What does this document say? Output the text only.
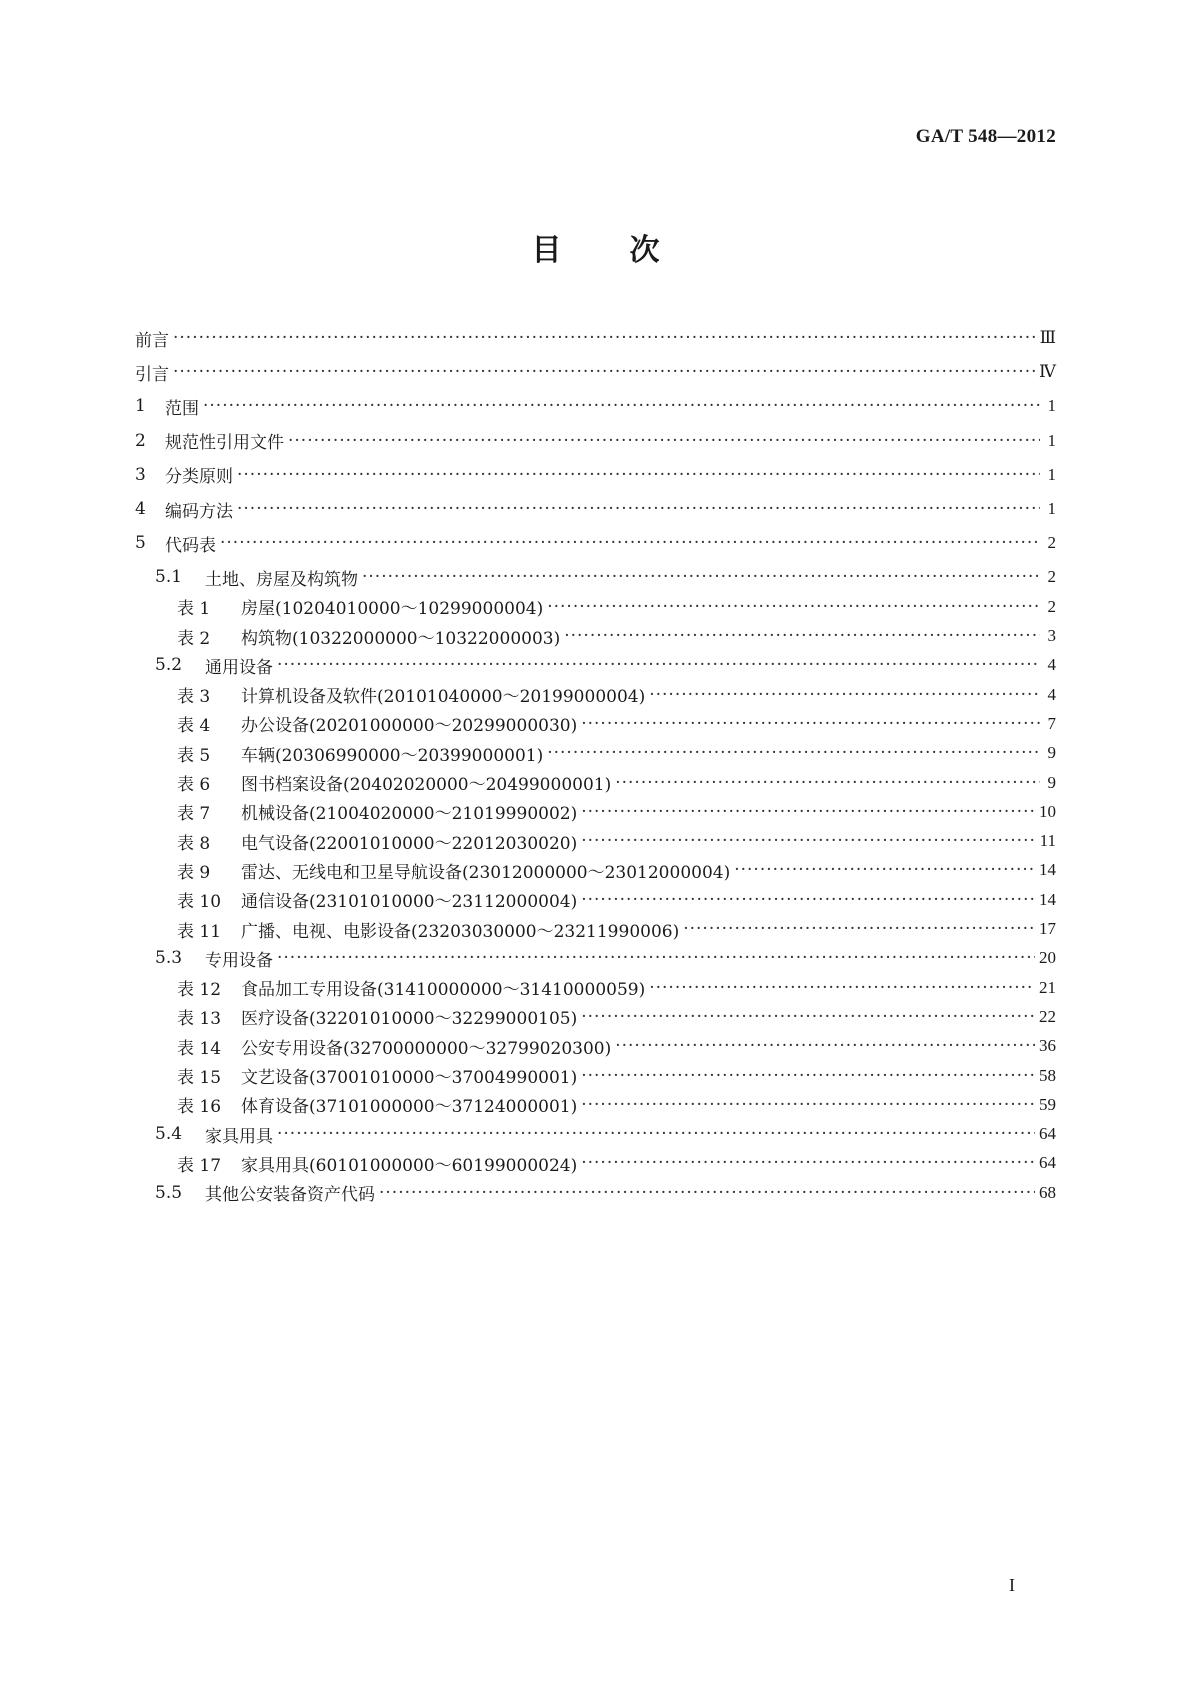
GA/T 548—2012
目次
前言 ·····	Ⅲ
引言 ·····	Ⅳ
1	范围 ·····	1
2	规范性引用文件 ·····	1
3	分类原则 ·····	1
4	编码方法 ·····	1
5	代码表 ·····	2
5.1	土地、房屋及构筑物 ·····	2
表 1	房屋(10204010000～10299000004) ·····	2
表 2	构筑物(10322000000～10322000003) ·····	3
5.2	通用设备 ·····	4
表 3	计算机设备及软件(20101040000～20199000004) ·····	4
表 4	办公设备(20201000000～20299000030) ·····	7
表 5	车辆(20306990000～20399000001) ·····	9
表 6	图书档案设备(20402020000～20499000001) ·····	9
表 7	机械设备(21004020000～21019990002) ·····	10
表 8	电气设备(22001010000～22012030020) ·····	11
表 9	雷达、无线电和卫星导航设备(23012000000～23012000004) ·····	14
表 10	通信设备(23101010000～23112000004) ·····	14
表 11	广播、电视、电影设备(23203030000～23211990006) ·····	17
5.3	专用设备 ·····	20
表 12	食品加工专用设备(31410000000～31410000059) ·····	21
表 13	医疗设备(32201010000～32299000105) ·····	22
表 14	公安专用设备(32700000000～32799020300) ·····	36
表 15	文艺设备(37001010000～37004990001) ·····	58
表 16	体育设备(37101000000～37124000001) ·····	59
5.4	家具用具 ·····	64
表 17	家具用具(60101000000～60199000024) ·····	64
5.5	其他公安装备资产代码 ·····	68
I
